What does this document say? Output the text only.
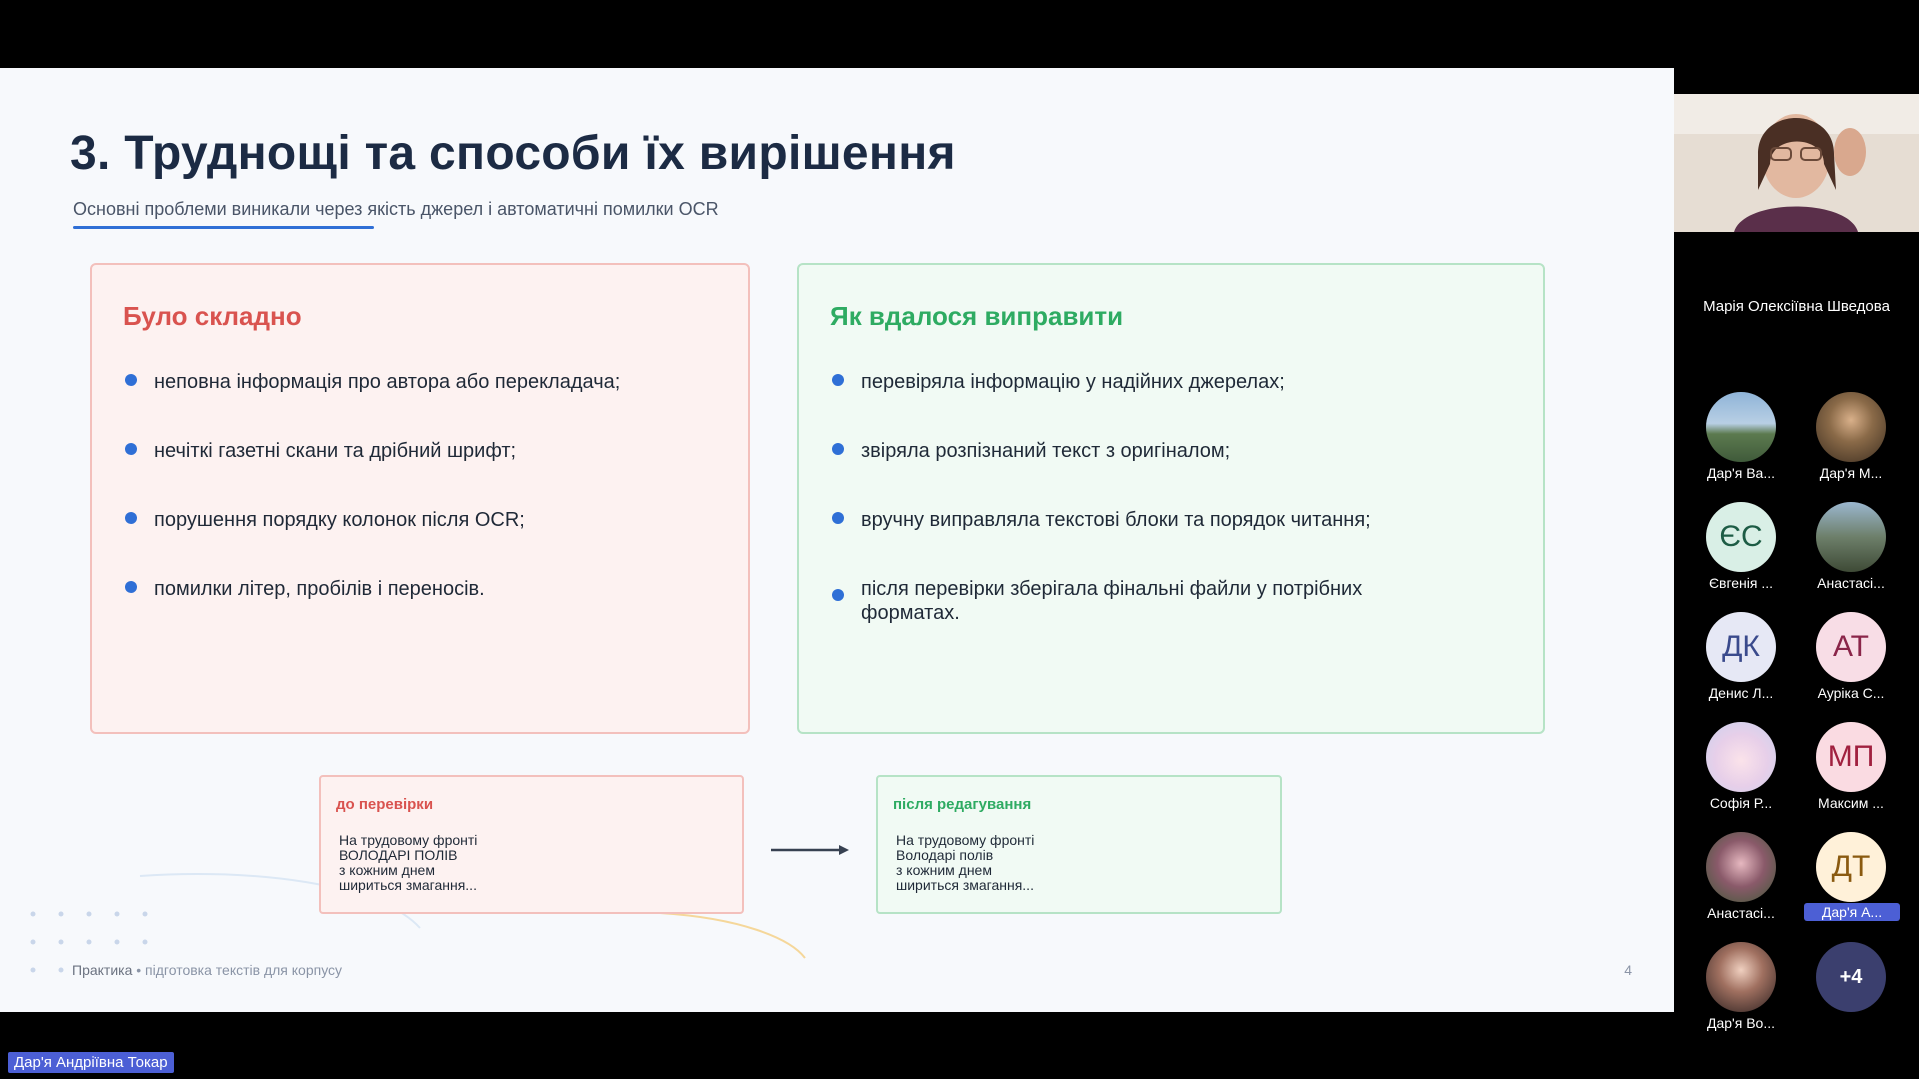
3. Труднощі та способи їх вирішення
Основні проблеми виникали через якість джерел і автоматичні помилки OCR
Було складно
неповна інформація про автора або перекладача;
нечіткі газетні скани та дрібний шрифт;
порушення порядку колонок після OCR;
помилки літер, пробілів і переносів.
Як вдалося виправити
перевіряла інформацію у надійних джерелах;
звіряла розпізнаний текст з оригіналом;
вручну виправляла текстові блоки та порядок читання;
після перевірки зберігала фінальні файли у потрібних форматах.
до перевірки
На трудовому фронті
ВОЛОДАРІ ПОЛІВ
з кожним днем
шириться змагання...
після редагування
На трудовому фронті
Володарі полів
з кожним днем
шириться змагання...
Практика • підготовка текстів для корпусу	4
Марія Олексіївна Шведова
Дар'я Ва...	Дар'я М...
ЄС
Євгенія ...	Анастасі...
ДК
Денис Л...
АТ
Ауріка С...
Софія Р...
МП
Максим ...
Анастасі...
ДТ
Дар'я А...
Дар'я Во...
+4
Дар'я Андріївна Токар
